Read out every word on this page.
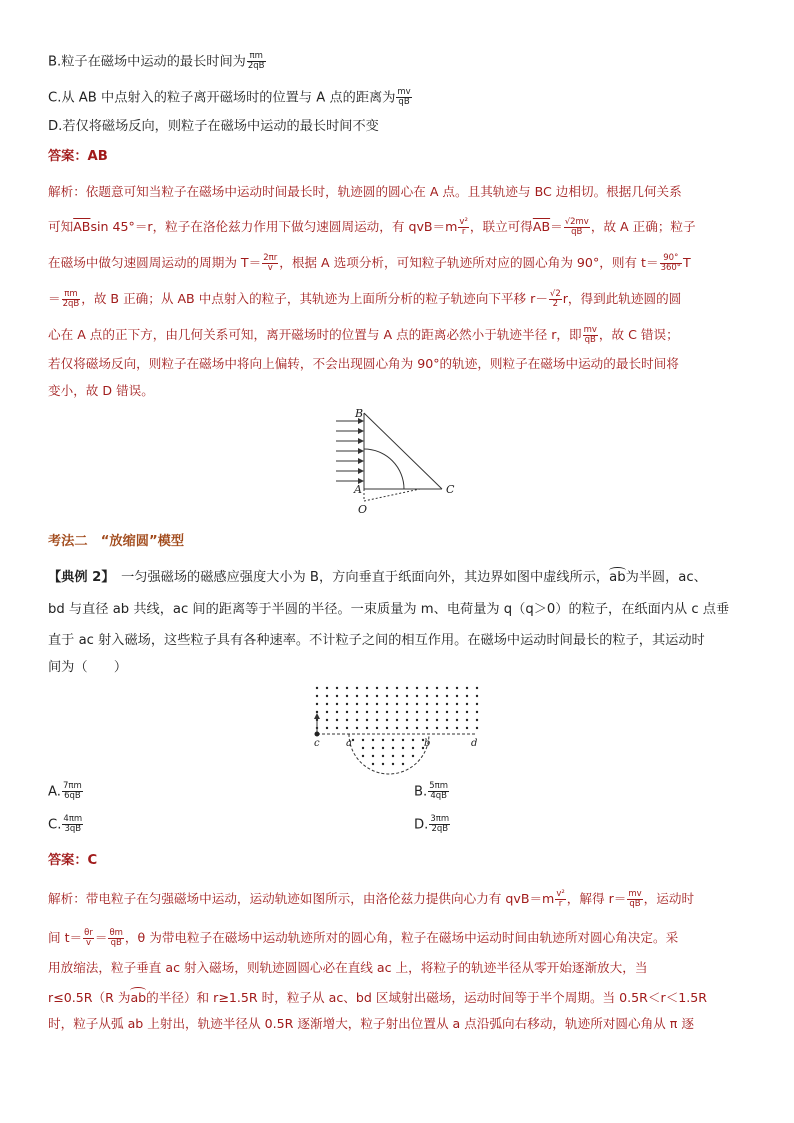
B.粒子在磁场中运动的最长时间为 $\frac{\pi m}{2qB}$
C.从 AB 中点射入的粒子离开磁场时的位置与 A 点的距离为 $\frac{mv}{qB}$
D.若仅将磁场反向，则粒子在磁场中运动的最长时间不变
答案：AB
解析：依题意可知当粒子在磁场中运动时间最长时，轨迹圆的圆心在 A 点。且其轨迹与 BC 边相切。根据几何关系
可知$\overline{AB}\sin$ 45°＝r，粒子在洛伦兹力作用下做匀速圆周运动，有 $qvB=m \frac{\text{v²}}{r}$ ，联立可得$\overline{AB}= \frac{√2mv}{qB}$ ，故 A 正确；粒子
在磁场中做匀速圆周运动的周期为 $T= \frac{2\pi r}{v}$ ，根据 A 选项分析，可知粒子轨迹所对应的圆心角为 90°，则有 $t= \frac{90^\circ}{360^\circ}$ T
＝ $\frac{\pi m}{2qB}$ ，故 B 正确；从 AB 中点射入的粒子，其轨迹为上面所分析的粒子轨迹向下平移 $r- \frac{√2}{2}$ r，得到此轨迹圆的圆
心在 A 点的正下方，由几何关系可知，离开磁场时的位置与 A 点的距离必然小于轨迹半径 r，即 $\frac{mv}{qB}$ ，故 C 错误；
若仅将磁场反向，则粒子在磁场中将向上偏转，不会出现圆心角为 90°的轨迹，则粒子在磁场中运动的最长时间将
变小，故 D 错误。
B
A	C
O
考法二　“放缩圆”模型
【典例 2】　一匀强磁场的磁感应强度大小为 B，方向垂直于纸面向外，其边界如图中虚线所示，ab为半圆，ac、
bd 与直径 ab 共线，ac 间的距离等于半圆的半径。一束质量为 m、电荷量为 q（q＞0）的粒子，在纸面内从 c 点垂
直于 ac 射入磁场，这些粒子具有各种速率。不计粒子之间的相互作用。在磁场中运动时间最长的粒子，其运动时
间为（　　）
c	a	b	d
A. $\frac{7\pi m}{6qB}$	B. $\frac{5\pi m}{4qB}$
C. $\frac{4\pi m}{3qB}$	D. $\frac{3\pi m}{2qB}$
答案：C
解析：带电粒子在匀强磁场中运动，运动轨迹如图所示，由洛伦兹力提供向心力有 $qvB=m \frac{\text{v²}}{r}$ ，解得 $r= \frac{mv}{qB}$ ，运动时
间 $t= \frac{\theta r}{v} = \frac{\theta m}{qB}$ ，θ 为带电粒子在磁场中运动轨迹所对的圆心角，粒子在磁场中运动时间由轨迹所对圆心角决定。采
用放缩法，粒子垂直 ac 射入磁场，则轨迹圆圆心必在直线 ac 上，将粒子的轨迹半径从零开始逐渐放大，当
r≤0.5R（R 为ab的半径）和 r≥1.5R 时，粒子从 ac、bd 区域射出磁场，运动时间等于半个周期。当 0.5R＜r＜1.5R
时，粒子从弧 ab 上射出，轨迹半径从 0.5R 逐渐增大，粒子射出位置从 a 点沿弧向右移动，轨迹所对圆心角从 π 逐
